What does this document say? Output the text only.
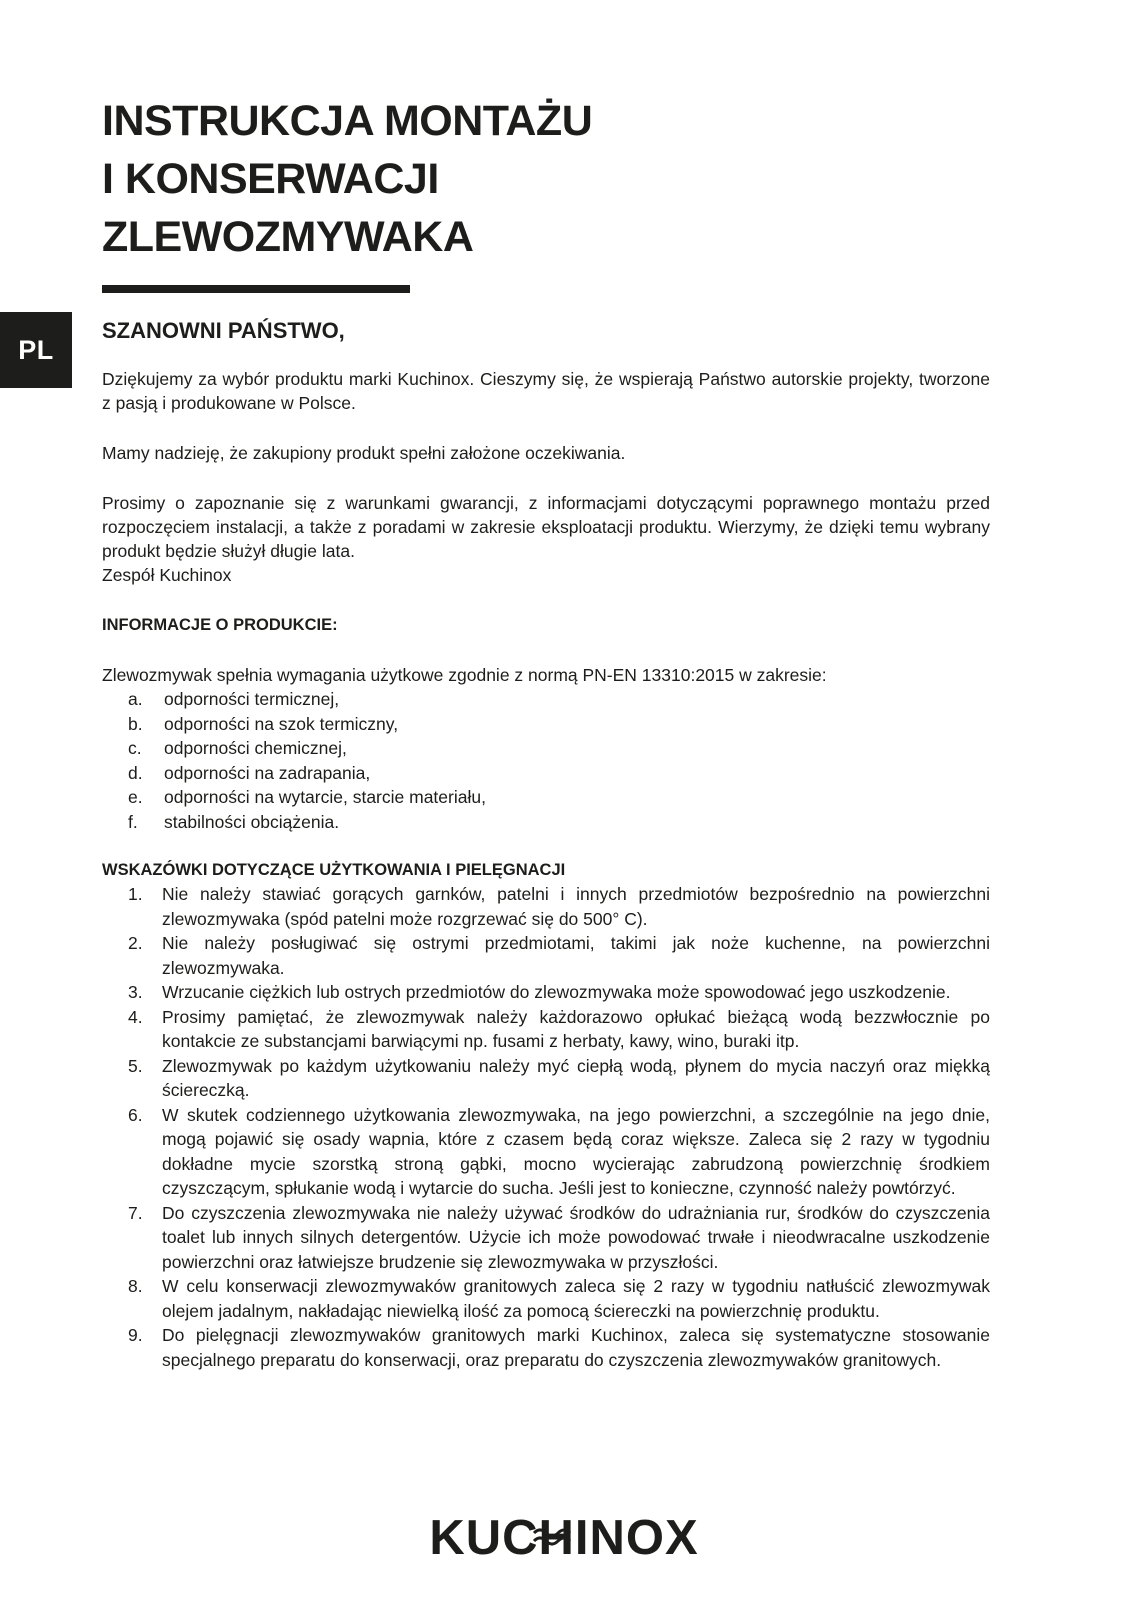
PL
INSTRUKCJA MONTAŻU
I KONSERWACJI
ZLEWOZMYWAKA
SZANOWNI PAŃSTWO,

Dziękujemy za wybór produktu marki Kuchinox. Cieszymy się, że wspierają Państwo autorskie projekty, tworzone z pasją i produkowane w Polsce.

Mamy nadzieję, że zakupiony produkt spełni założone oczekiwania.

Prosimy o zapoznanie się z warunkami gwarancji, z informacjami dotyczącymi poprawnego montażu przed rozpoczęciem instalacji, a także z poradami w zakresie eksploatacji produktu. Wierzymy, że dzięki temu wybrany produkt będzie służył długie lata.

Zespół Kuchinox

INFORMACJE O PRODUKCIE:

Zlewozmywak spełnia wymagania użytkowe zgodnie z normą PN-EN 13310:2015 w zakresie:

a.	odporności termicznej,
b.	odporności na szok termiczny,
c.	odporności chemicznej,
d.	odporności na zadrapania,
e.	odporności na wytarcie, starcie materiału,
f.	stabilności obciążenia.
WSKAZÓWKI DOTYCZĄCE UŻYTKOWANIA I PIELĘGNACJI
1.	Nie należy stawiać gorących garnków, patelni i innych przedmiotów bezpośrednio na powierzchni zlewozmywaka (spód patelni może rozgrzewać się do 500° C).
2.	Nie należy posługiwać się ostrymi przedmiotami, takimi jak noże kuchenne, na powierzchni zlewozmywaka.
3.	Wrzucanie ciężkich lub ostrych przedmiotów do zlewozmywaka może spowodować jego uszkodzenie.
4.	Prosimy pamiętać, że zlewozmywak należy każdorazowo opłukać bieżącą wodą bezzwłocznie po kontakcie ze substancjami barwiącymi np. fusami z herbaty, kawy, wino, buraki itp.
5.	Zlewozmywak po każdym użytkowaniu należy myć ciepłą wodą, płynem do mycia naczyń oraz miękką ściereczką.
6.	W skutek codziennego użytkowania zlewozmywaka, na jego powierzchni, a szczególnie na jego dnie, mogą pojawić się osady wapnia, które z czasem będą coraz większe. Zaleca się 2 razy w tygodniu dokładne mycie szorstką stroną gąbki, mocno wycierając zabrudzoną powierzchnię środkiem czyszczącym, spłukanie wodą i wytarcie do sucha. Jeśli jest to konieczne, czynność należy powtórzyć.
7.	Do czyszczenia zlewozmywaka nie należy używać środków do udrażniania rur, środków do czyszczenia toalet lub innych silnych detergentów. Użycie ich może powodować trwałe i nieodwracalne uszkodzenie powierzchni oraz łatwiejsze brudzenie się zlewozmywaka w przyszłości.
8.	W celu konserwacji zlewozmywaków granitowych zaleca się 2 razy w tygodniu natłuścić zlewozmywak olejem jadalnym, nakładając niewielką ilość za pomocą ściereczki na powierzchnię produktu.
9.	Do pielęgnacji zlewozmywaków granitowych marki Kuchinox, zaleca się systematyczne stosowanie specjalnego preparatu do konserwacji, oraz preparatu do czyszczenia zlewozmywaków granitowych.
KUCH
INOX
